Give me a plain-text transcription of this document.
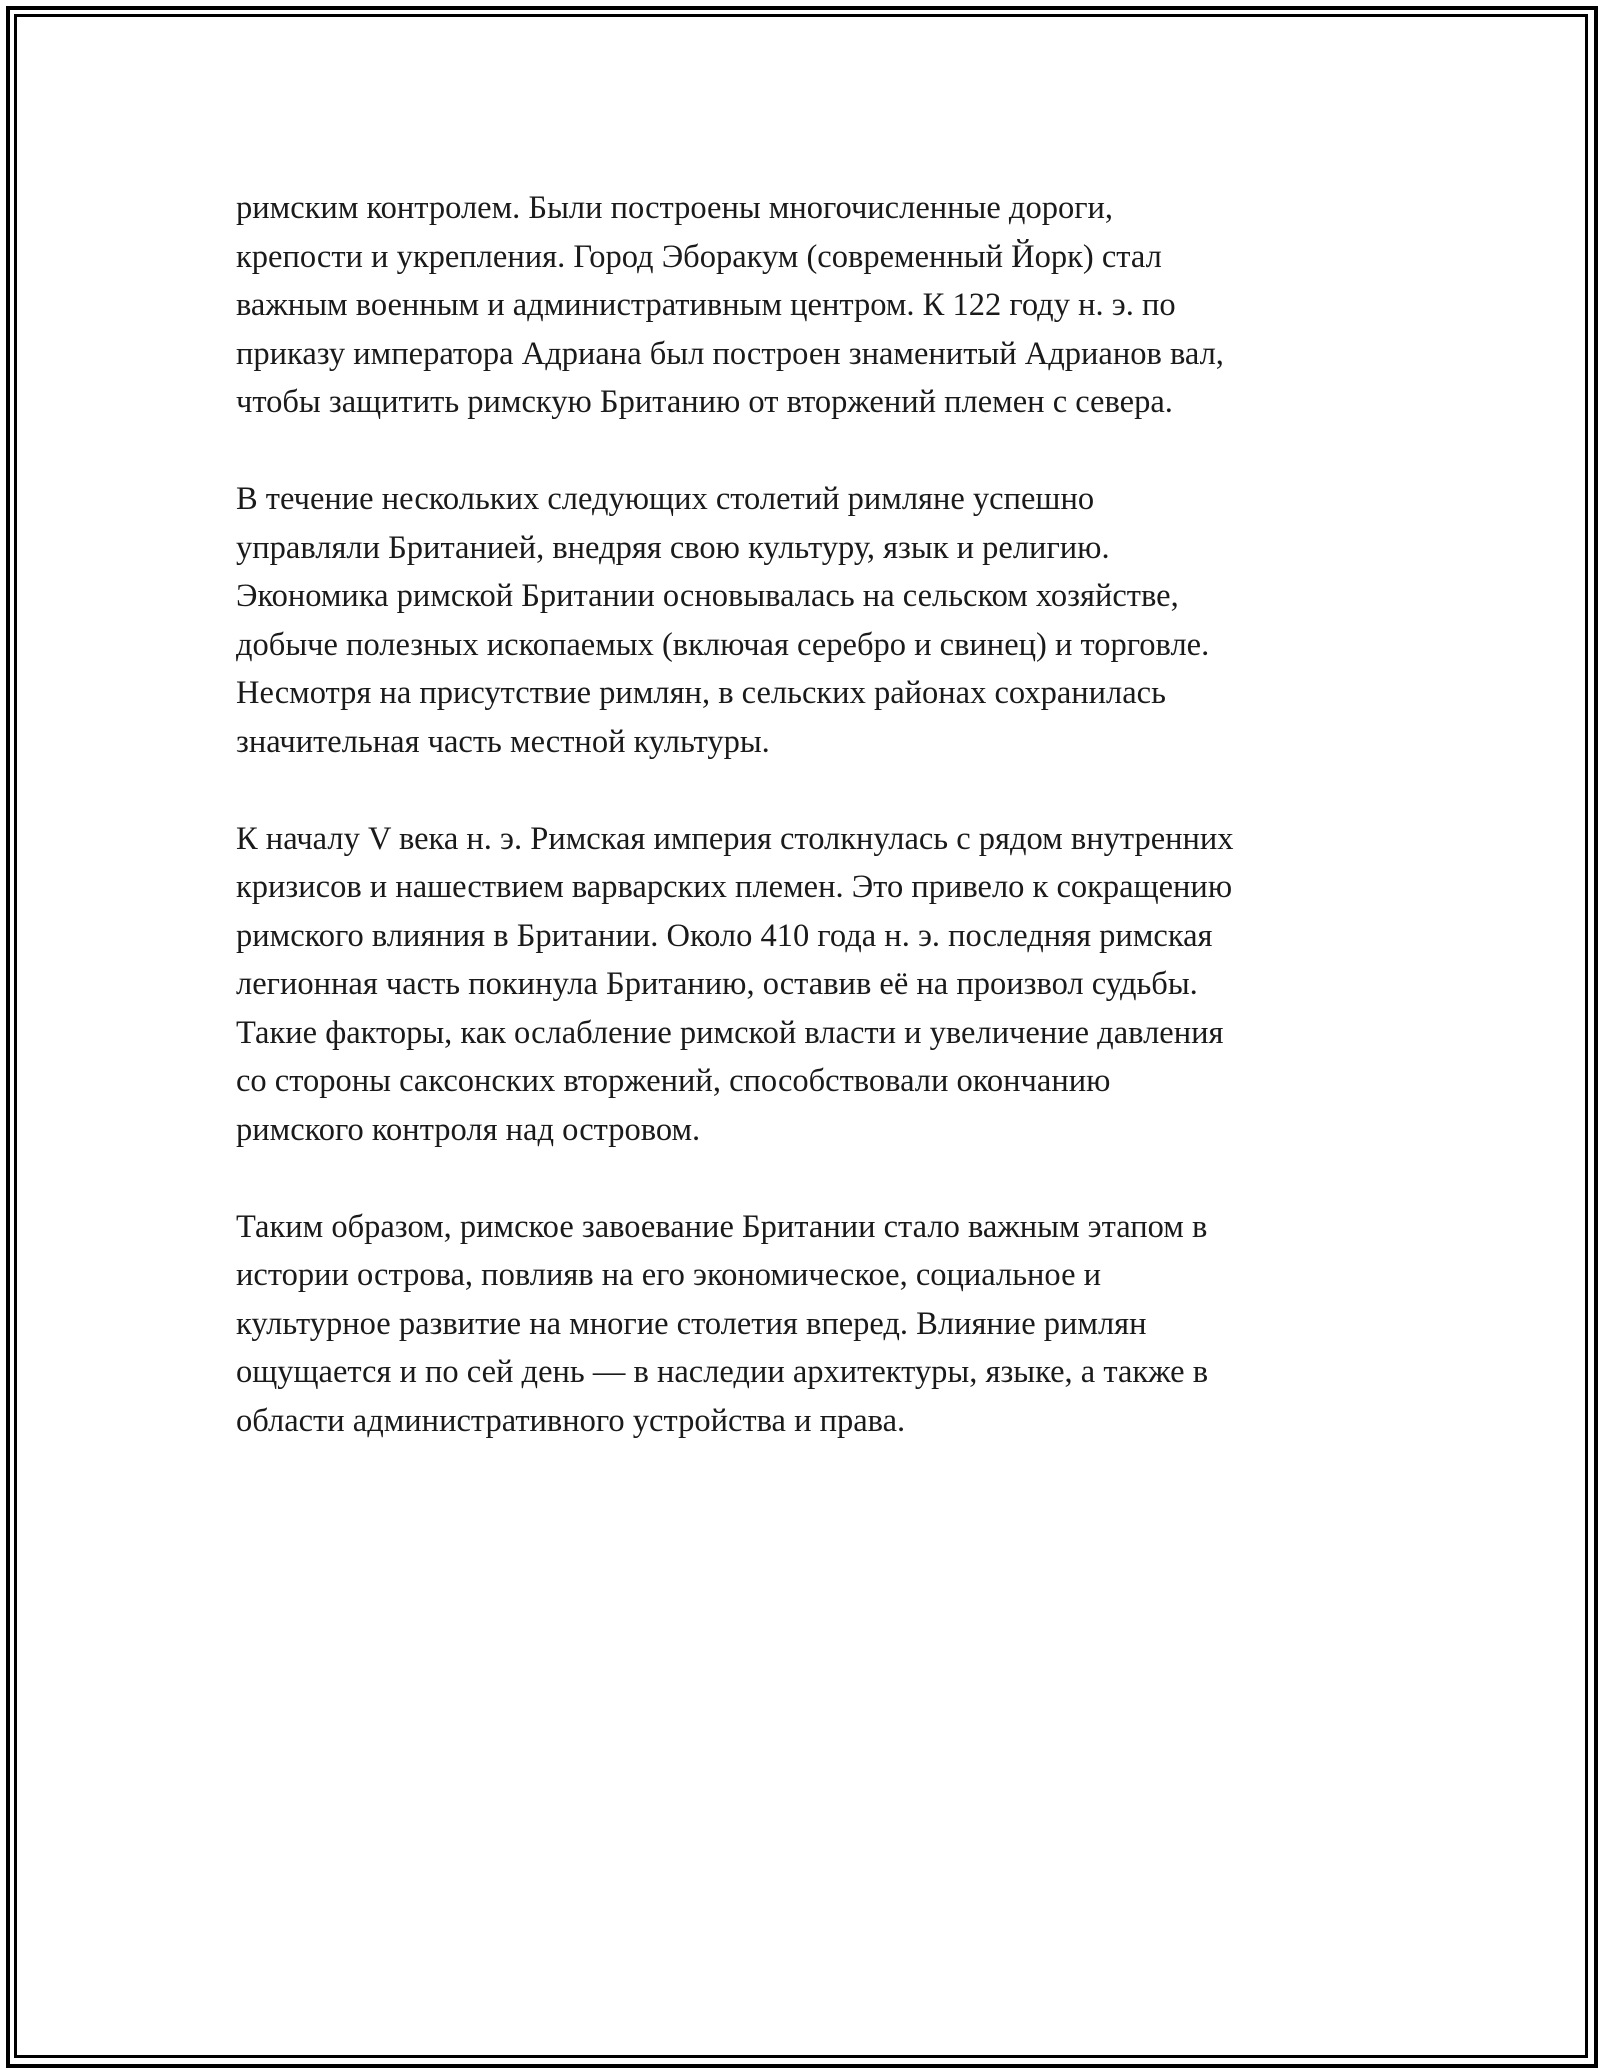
римским контролем. Были построены многочисленные дороги,
крепости и укрепления. Город Эборакум (современный Йорк) стал
важным военным и административным центром. К 122 году н. э. по
приказу императора Адриана был построен знаменитый Адрианов вал,
чтобы защитить римскую Британию от вторжений племен с севера.

В течение нескольких следующих столетий римляне успешно
управляли Британией, внедряя свою культуру, язык и религию.
Экономика римской Британии основывалась на сельском хозяйстве,
добыче полезных ископаемых (включая серебро и свинец) и торговле.
Несмотря на присутствие римлян, в сельских районах сохранилась
значительная часть местной культуры.

К началу V века н. э. Римская империя столкнулась с рядом внутренних
кризисов и нашествием варварских племен. Это привело к сокращению
римского влияния в Британии. Около 410 года н. э. последняя римская
легионная часть покинула Британию, оставив её на произвол судьбы.
Такие факторы, как ослабление римской власти и увеличение давления
со стороны саксонских вторжений, способствовали окончанию
римского контроля над островом.

Таким образом, римское завоевание Британии стало важным этапом в
истории острова, повлияв на его экономическое, социальное и
культурное развитие на многие столетия вперед. Влияние римлян
ощущается и по сей день — в наследии архитектуры, языке, а также в
области административного устройства и права.
